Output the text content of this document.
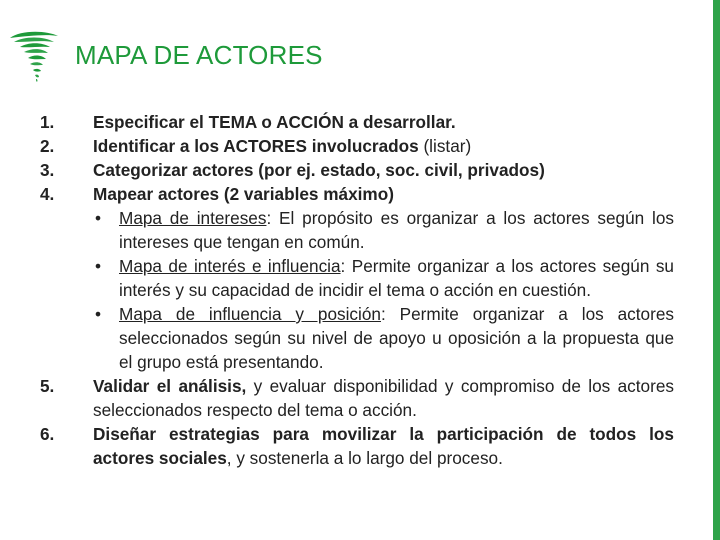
MAPA DE ACTORES
1. Especificar el TEMA o ACCIÓN a desarrollar.
2. Identificar a los ACTORES involucrados (listar)
3. Categorizar actores (por ej. estado, soc. civil, privados)
4. Mapear actores (2 variables máximo)
• Mapa de intereses: El propósito es organizar a los actores según los intereses que tengan en común.
• Mapa de interés e influencia: Permite organizar a los actores según su interés y su capacidad de incidir el tema o acción en cuestión.
• Mapa de influencia y posición: Permite organizar a los actores seleccionados según su nivel de apoyo u oposición a la propuesta que el grupo está presentando.
5. Validar el análisis, y evaluar disponibilidad y compromiso de los actores seleccionados respecto del tema o acción.
6. Diseñar estrategias para movilizar la participación de todos los actores sociales, y sostenerla a lo largo del proceso.
